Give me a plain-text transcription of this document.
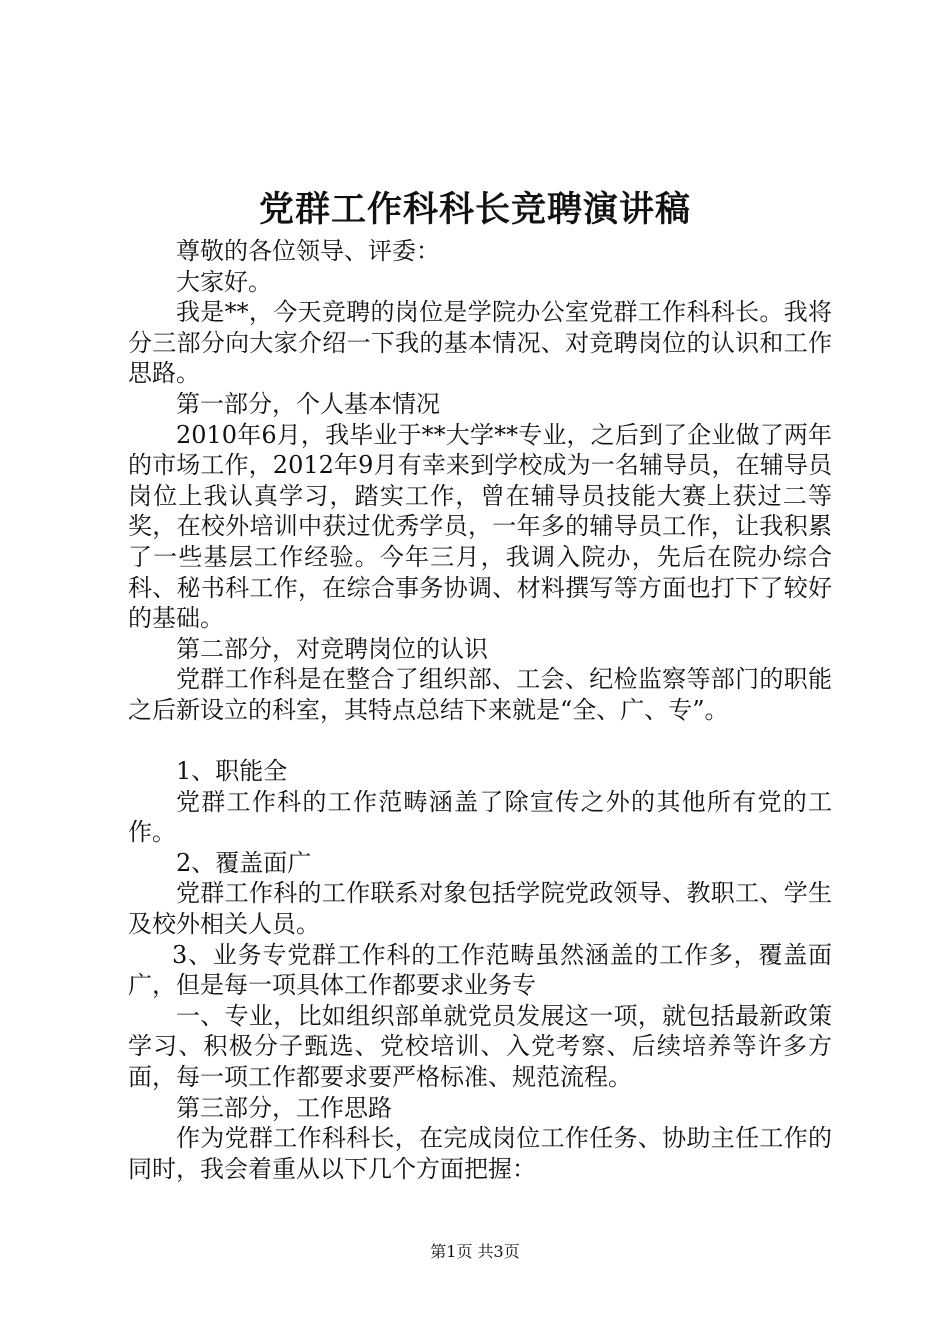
党群工作科科长竞聘演讲稿

尊敬的各位领导、评委：

大家好。

我是**，今天竞聘的岗位是学院办公室党群工作科科长。我将分三部分向大家介绍一下我的基本情况、对竞聘岗位的认识和工作思路。

第一部分，个人基本情况

2010年6月，我毕业于**大学**专业，之后到了企业做了两年的市场工作，2012年9月有幸来到学校成为一名辅导员，在辅导员岗位上我认真学习，踏实工作，曾在辅导员技能大赛上获过二等奖，在校外培训中获过优秀学员，一年多的辅导员工作，让我积累了一些基层工作经验。今年三月，我调入院办，先后在院办综合科、秘书科工作，在综合事务协调、材料撰写等方面也打下了较好的基础。

第二部分，对竞聘岗位的认识

党群工作科是在整合了组织部、工会、纪检监察等部门的职能之后新设立的科室，其特点总结下来就是“全、广、专”。

1、职能全

党群工作科的工作范畴涵盖了除宣传之外的其他所有党的工作。

2、覆盖面广

党群工作科的工作联系对象包括学院党政领导、教职工、学生及校外相关人员。

3、业务专党群工作科的工作范畴虽然涵盖的工作多，覆盖面广，但是每一项具体工作都要求业务专

一、专业，比如组织部单就党员发展这一项，就包括最新政策学习、积极分子甄选、党校培训、入党考察、后续培养等许多方面，每一项工作都要求要严格标准、规范流程。

第三部分，工作思路

作为党群工作科科长，在完成岗位工作任务、协助主任工作的同时，我会着重从以下几个方面把握：

第1页 共3页
